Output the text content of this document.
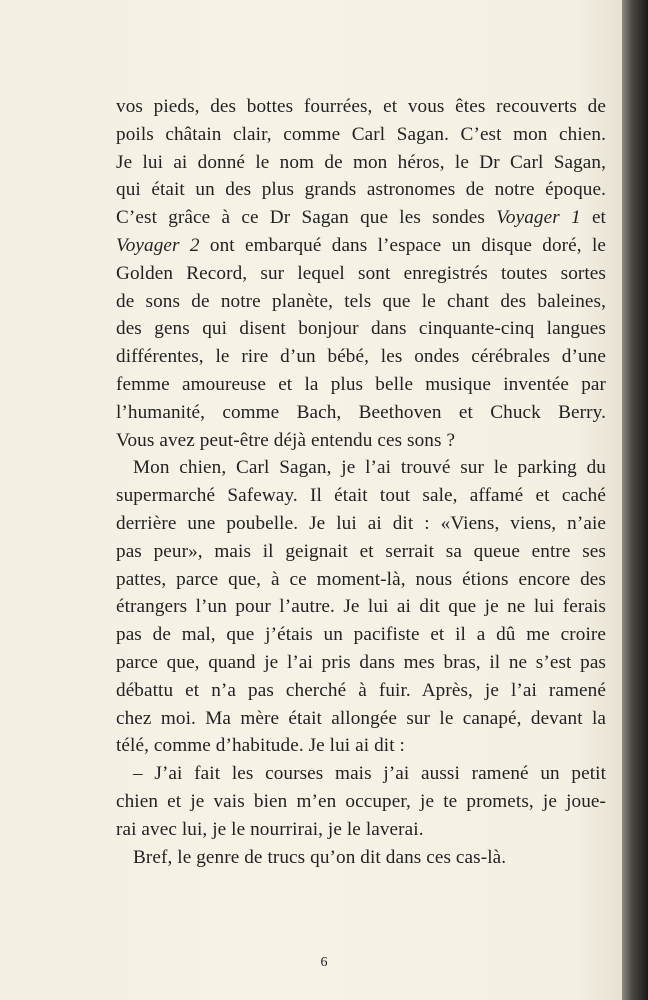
vos pieds, des bottes fourrées, et vous êtes recouverts de
poils châtain clair, comme Carl Sagan. C’est mon chien.
Je lui ai donné le nom de mon héros, le Dr Carl Sagan,
qui était un des plus grands astronomes de notre époque.
C’est grâce à ce Dr Sagan que les sondes Voyager 1 et
Voyager 2 ont embarqué dans l’espace un disque doré, le
Golden Record, sur lequel sont enregistrés toutes sortes
de sons de notre planète, tels que le chant des baleines,
des gens qui disent bonjour dans cinquante-cinq langues
différentes, le rire d’un bébé, les ondes cérébrales d’une
femme amoureuse et la plus belle musique inventée par
l’humanité, comme Bach, Beethoven et Chuck Berry.
Vous avez peut-être déjà entendu ces sons ?
Mon chien, Carl Sagan, je l’ai trouvé sur le parking du
supermarché Safeway. Il était tout sale, affamé et caché
derrière une poubelle. Je lui ai dit : «Viens, viens, n’aie
pas peur», mais il geignait et serrait sa queue entre ses
pattes, parce que, à ce moment-là, nous étions encore des
étrangers l’un pour l’autre. Je lui ai dit que je ne lui ferais
pas de mal, que j’étais un pacifiste et il a dû me croire
parce que, quand je l’ai pris dans mes bras, il ne s’est pas
débattu et n’a pas cherché à fuir. Après, je l’ai ramené
chez moi. Ma mère était allongée sur le canapé, devant la
télé, comme d’habitude. Je lui ai dit :
– J’ai fait les courses mais j’ai aussi ramené un petit
chien et je vais bien m’en occuper, je te promets, je joue-
rai avec lui, je le nourrirai, je le laverai.
Bref, le genre de trucs qu’on dit dans ces cas-là.
6
